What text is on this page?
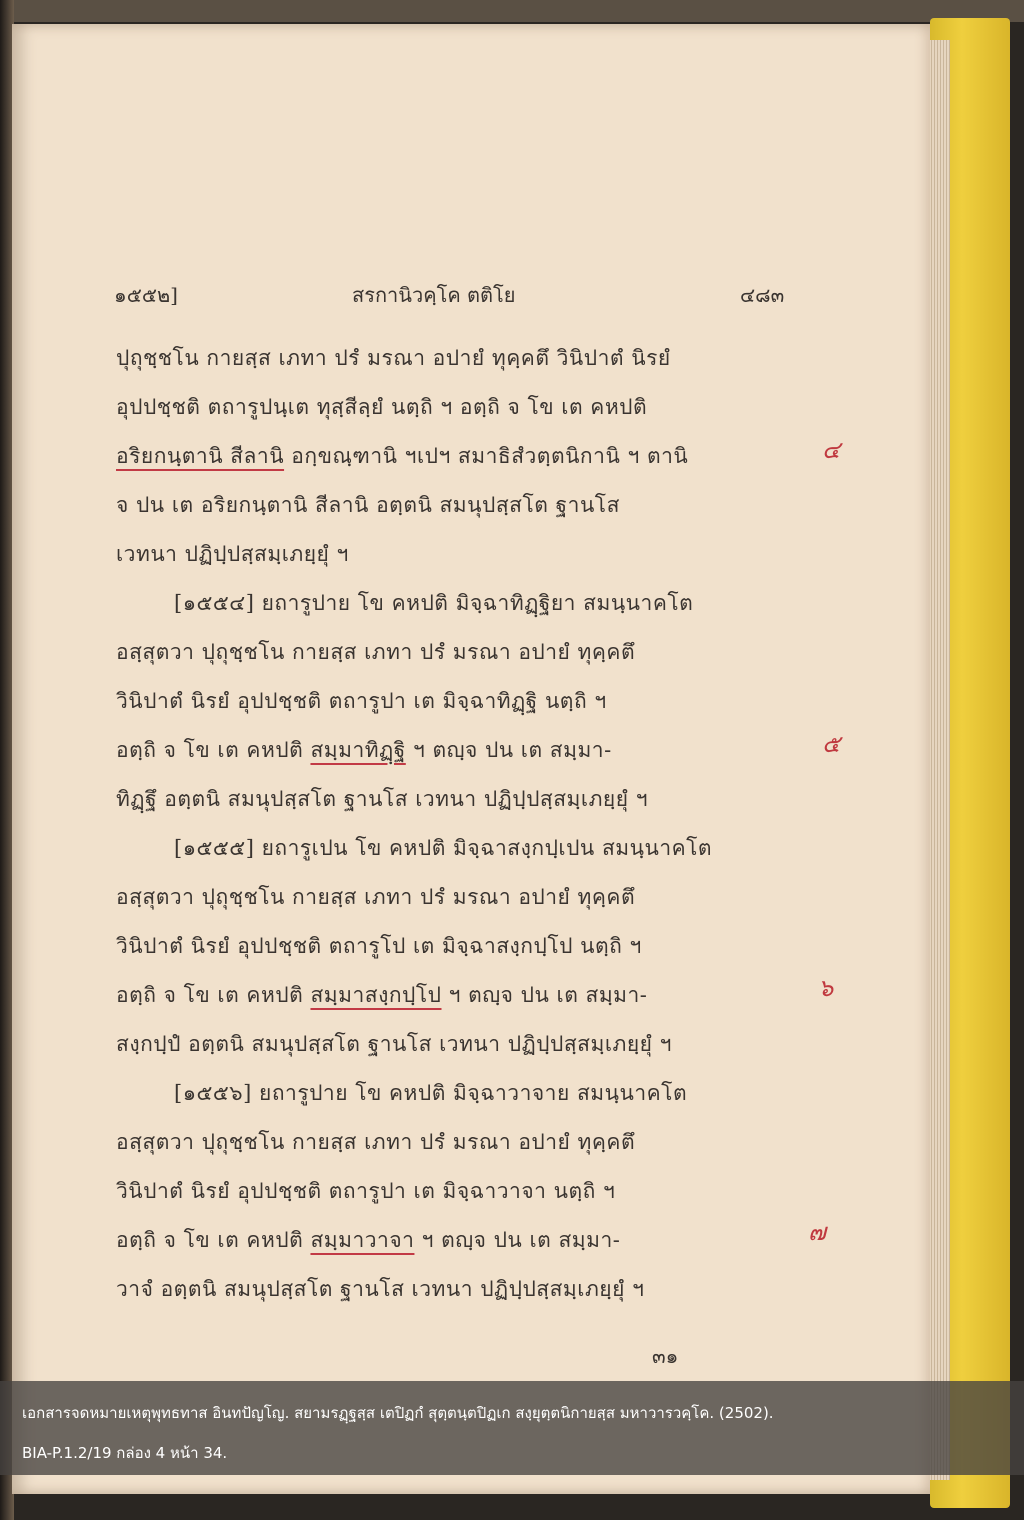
๑๕๕๒]	สรกานิวคฺโค ตติโย	๔๘๓
ปุถุชฺชโน กายสฺส เภทา ปรํ มรณา อปายํ ทุคฺคตึ วินิปาตํ นิรยํ
อุปปชฺชติ ตถารูปนฺเต ทุสฺสีลฺยํ นตฺถิ ฯ อตฺถิ จ โข เต คหปติ
อริยกนฺตานิ สีลานิ อกฺขณฺฑานิ ฯเปฯ สมาธิสํวตฺตนิกานิ ฯ ตานิ
จ ปน เต อริยกนฺตานิ สีลานิ อตฺตนิ สมนุปสฺสโต ฐานโส
เวทนา ปฏิปฺปสฺสมฺเภยฺยุํ ฯ
[๑๕๕๔] ยถารูปาย โข คหปติ มิจฺฉาทิฏฺฐิยา สมนฺนาคโต
อสฺสุตวา ปุถุชฺชโน กายสฺส เภทา ปรํ มรณา อปายํ ทุคฺคตึ
วินิปาตํ นิรยํ อุปปชฺชติ ตถารูปา เต มิจฺฉาทิฏฺฐิ นตฺถิ ฯ
อตฺถิ จ โข เต คหปติ สมฺมาทิฏฺฐิ ฯ ตญฺจ ปน เต สมฺมา-
ทิฏฺฐึ อตฺตนิ สมนุปสฺสโต ฐานโส เวทนา ปฏิปฺปสฺสมฺเภยฺยุํ ฯ
[๑๕๕๕] ยถารูเปน โข คหปติ มิจฺฉาสงฺกปฺเปน สมนฺนาคโต
อสฺสุตวา ปุถุชฺชโน กายสฺส เภทา ปรํ มรณา อปายํ ทุคฺคตึ
วินิปาตํ นิรยํ อุปปชฺชติ ตถารูโป เต มิจฺฉาสงฺกปฺโป นตฺถิ ฯ
อตฺถิ จ โข เต คหปติ สมฺมาสงฺกปฺโป ฯ ตญฺจ ปน เต สมฺมา-
สงฺกปฺปํ อตฺตนิ สมนุปสฺสโต ฐานโส เวทนา ปฏิปฺปสฺสมฺเภยฺยุํ ฯ
[๑๕๕๖] ยถารูปาย โข คหปติ มิจฺฉาวาจาย สมนฺนาคโต
อสฺสุตวา ปุถุชฺชโน กายสฺส เภทา ปรํ มรณา อปายํ ทุคฺคตึ
วินิปาตํ นิรยํ อุปปชฺชติ ตถารูปา เต มิจฺฉาวาจา นตฺถิ ฯ
อตฺถิ จ โข เต คหปติ สมฺมาวาจา ฯ ตญฺจ ปน เต สมฺมา-
วาจํ อตฺตนิ สมนุปสฺสโต ฐานโส เวทนา ปฏิปฺปสฺสมฺเภยฺยุํ ฯ
๔
๕
๖
๗
๓๑
เอกสารจดหมายเหตุพุทธทาส อินทปัญโญ. สยามรฏฺฐสฺส เตปิฏกํ สุตฺตนฺตปิฏเก สงฺยุตฺตนิกายสฺส มหาวารวคฺโค. (2502).
BIA-P.1.2/19 กล่อง 4 หน้า 34.
